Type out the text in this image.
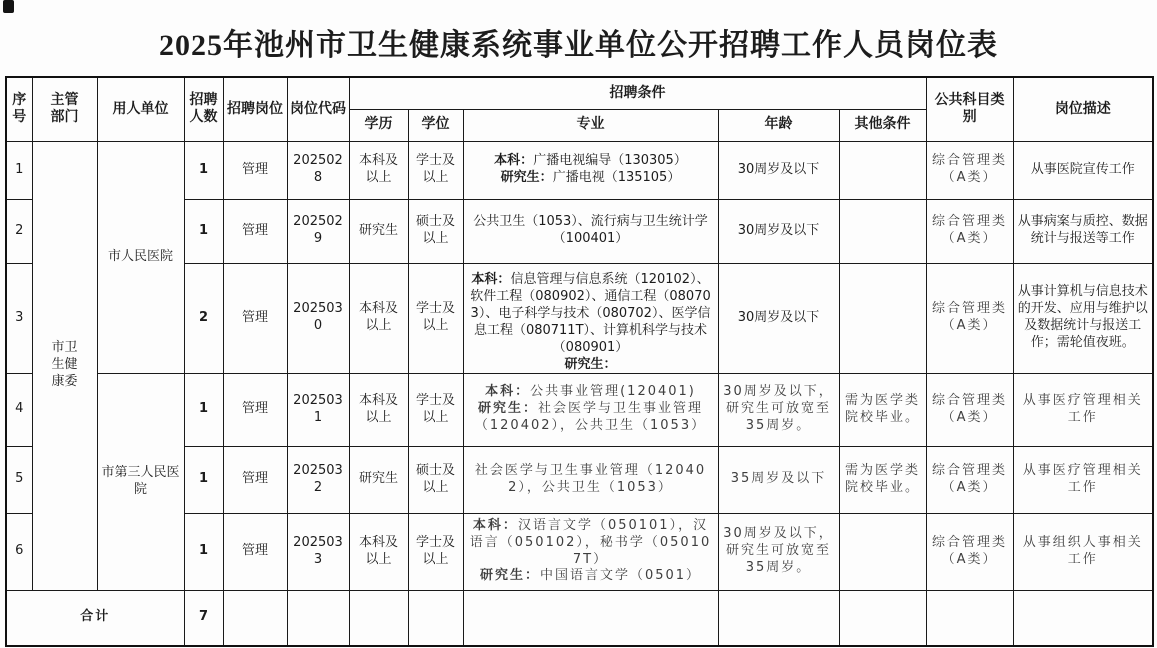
2025年池州市卫生健康系统事业单位公开招聘工作人员岗位表
序号	主管部门	用人单位	招聘人数	招聘岗位	岗位代码	招聘条件					公共科目类别	岗位描述

						学历	学位	专业	年龄	其他条件		

1	市卫生健康委	市人民医院	1	管理	2025028	本科及以上	学士及以上	本科：广播电视编导（130305）
研究生：广播电视（135105）	30周岁及以下		综合管理类（A类）	从事医院宣传工作
2			1	管理	2025029	研究生	硕士及以上	公共卫生（1053）、流行病与卫生统计学（100401）	30周岁及以下		综合管理类（A类）	从事病案与质控、数据统计与报送等工作
3			2	管理	2025030	本科及以上	学士及以上	本科：信息管理与信息系统（120102）、软件工程（080902）、通信工程（080703）、电子科学与技术（080702）、医学信息工程（080711T）、计算机科学与技术（080901）
研究生：	30周岁及以下		综合管理类（A类）	从事计算机与信息技术的开发、应用与维护以及数据统计与报送工作；需轮值夜班。
4		市第三人民医院	1	管理	2025031	本科及以上	学士及以上	本科：公共事业管理(120401)
研究生：社会医学与卫生事业管理（120402），公共卫生（1053）	30周岁及以下，研究生可放宽至35周岁。	需为医学类院校毕业。	综合管理类（A类）	从事医疗管理相关工作
5			1	管理	2025032	研究生	硕士及以上	社会医学与卫生事业管理（120402），公共卫生（1053）	35周岁及以下	需为医学类院校毕业。	综合管理类（A类）	从事医疗管理相关工作
6			1	管理	2025033	本科及以上	学士及以上	本科：汉语言文学（050101），汉语言（050102），秘书学（050107T）
研究生：中国语言文学（0501）	30周岁及以下，研究生可放宽至35周岁。		综合管理类（A类）	从事组织人事相关工作
合计			7									
